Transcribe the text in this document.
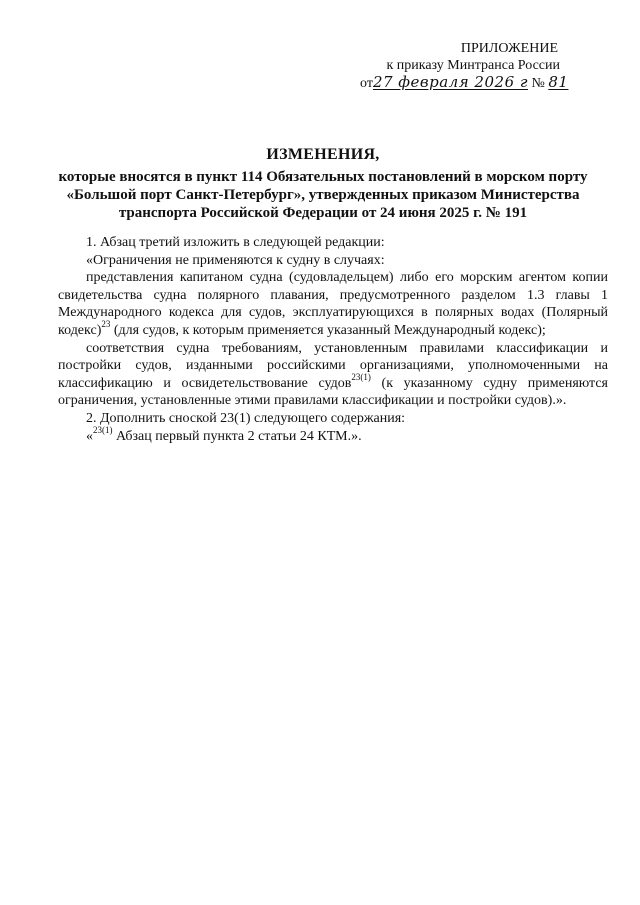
ПРИЛОЖЕНИЕ
к приказу Минтранса России
от27 февраля 2026 г № 81
ИЗМЕНЕНИЯ,
которые вносятся в пункт 114 Обязательных постановлений в морском порту «Большой порт Санкт-Петербург», утвержденных приказом Министерства транспорта Российской Федерации от 24 июня 2025 г. № 191

1. Абзац третий изложить в следующей редакции:

«Ограничения не применяются к судну в случаях:

представления капитаном судна (судовладельцем) либо его морским агентом копии свидетельства судна полярного плавания, предусмотренного разделом 1.3 главы 1 Международного кодекса для судов, эксплуатирующихся в полярных водах (Полярный кодекс)$^{23}$ (для судов, к которым применяется указанный Международный кодекс);

соответствия судна требованиям, установленным правилами классификации и постройки судов, изданными российскими организациями, уполномоченными на классификацию и освидетельствование судов$^{23(1)}$ (к указанному судну применяются ограничения, установленные этими правилами классификации и постройки судов).».

2. Дополнить сноской 23(1) следующего содержания:

«$^{23(1)}$ Абзац первый пункта 2 статьи 24 КТМ.».
